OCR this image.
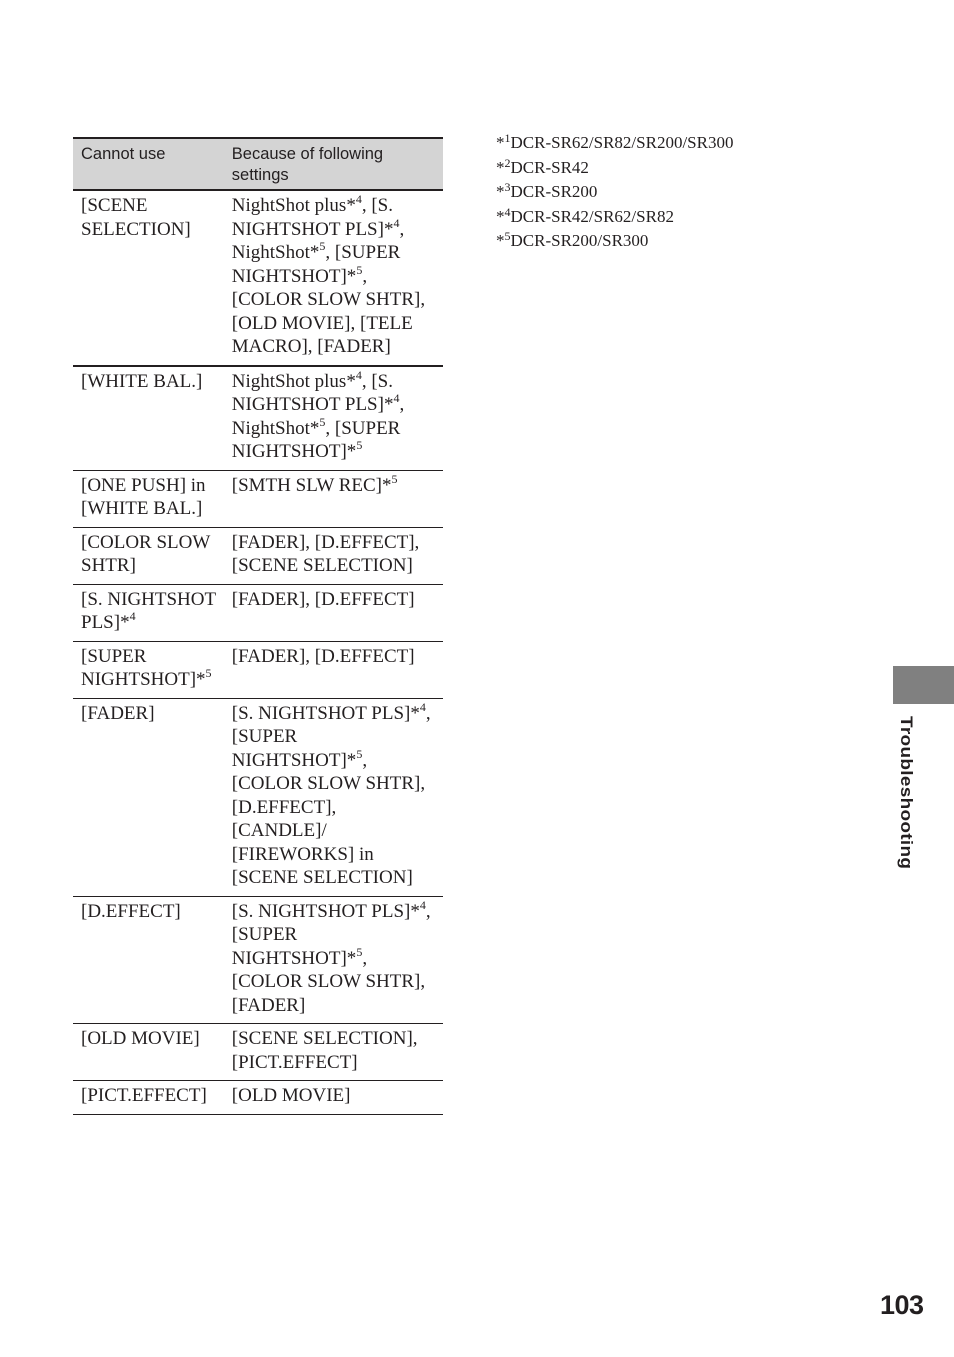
Cannot use	Because of following settings
[SCENE SELECTION]	NightShot plus*$^4$, [S. NIGHTSHOT PLS]*$^4$, NightShot*$^5$, [SUPER NIGHTSHOT]*$^5$, [COLOR SLOW SHTR], [OLD MOVIE], [TELE MACRO], [FADER]
[WHITE BAL.]	NightShot plus*$^4$, [S. NIGHTSHOT PLS]*$^4$, NightShot*$^5$, [SUPER NIGHTSHOT]*$^5$
[ONE PUSH] in [WHITE BAL.]	[SMTH SLW REC]*$^5$
[COLOR SLOW SHTR]	[FADER], [D.EFFECT], [SCENE SELECTION]
[S. NIGHTSHOT PLS]*$^4$	[FADER], [D.EFFECT]
[SUPER NIGHTSHOT]*$^5$	[FADER], [D.EFFECT]
[FADER]	[S. NIGHTSHOT PLS]*$^4$, [SUPER NIGHTSHOT]*$^5$, [COLOR SLOW SHTR], [D.EFFECT], [CANDLE]/ [FIREWORKS] in [SCENE SELECTION]
[D.EFFECT]	[S. NIGHTSHOT PLS]*$^4$, [SUPER NIGHTSHOT]*$^5$, [COLOR SLOW SHTR], [FADER]
[OLD MOVIE]	[SCENE SELECTION], [PICT.EFFECT]
[PICT.EFFECT]	[OLD MOVIE]
*$^1$DCR-SR62/SR82/SR200/SR300
*$^2$DCR-SR42
*$^3$DCR-SR200
*$^4$DCR-SR42/SR62/SR82
*$^5$DCR-SR200/SR300
Troubleshooting
103
